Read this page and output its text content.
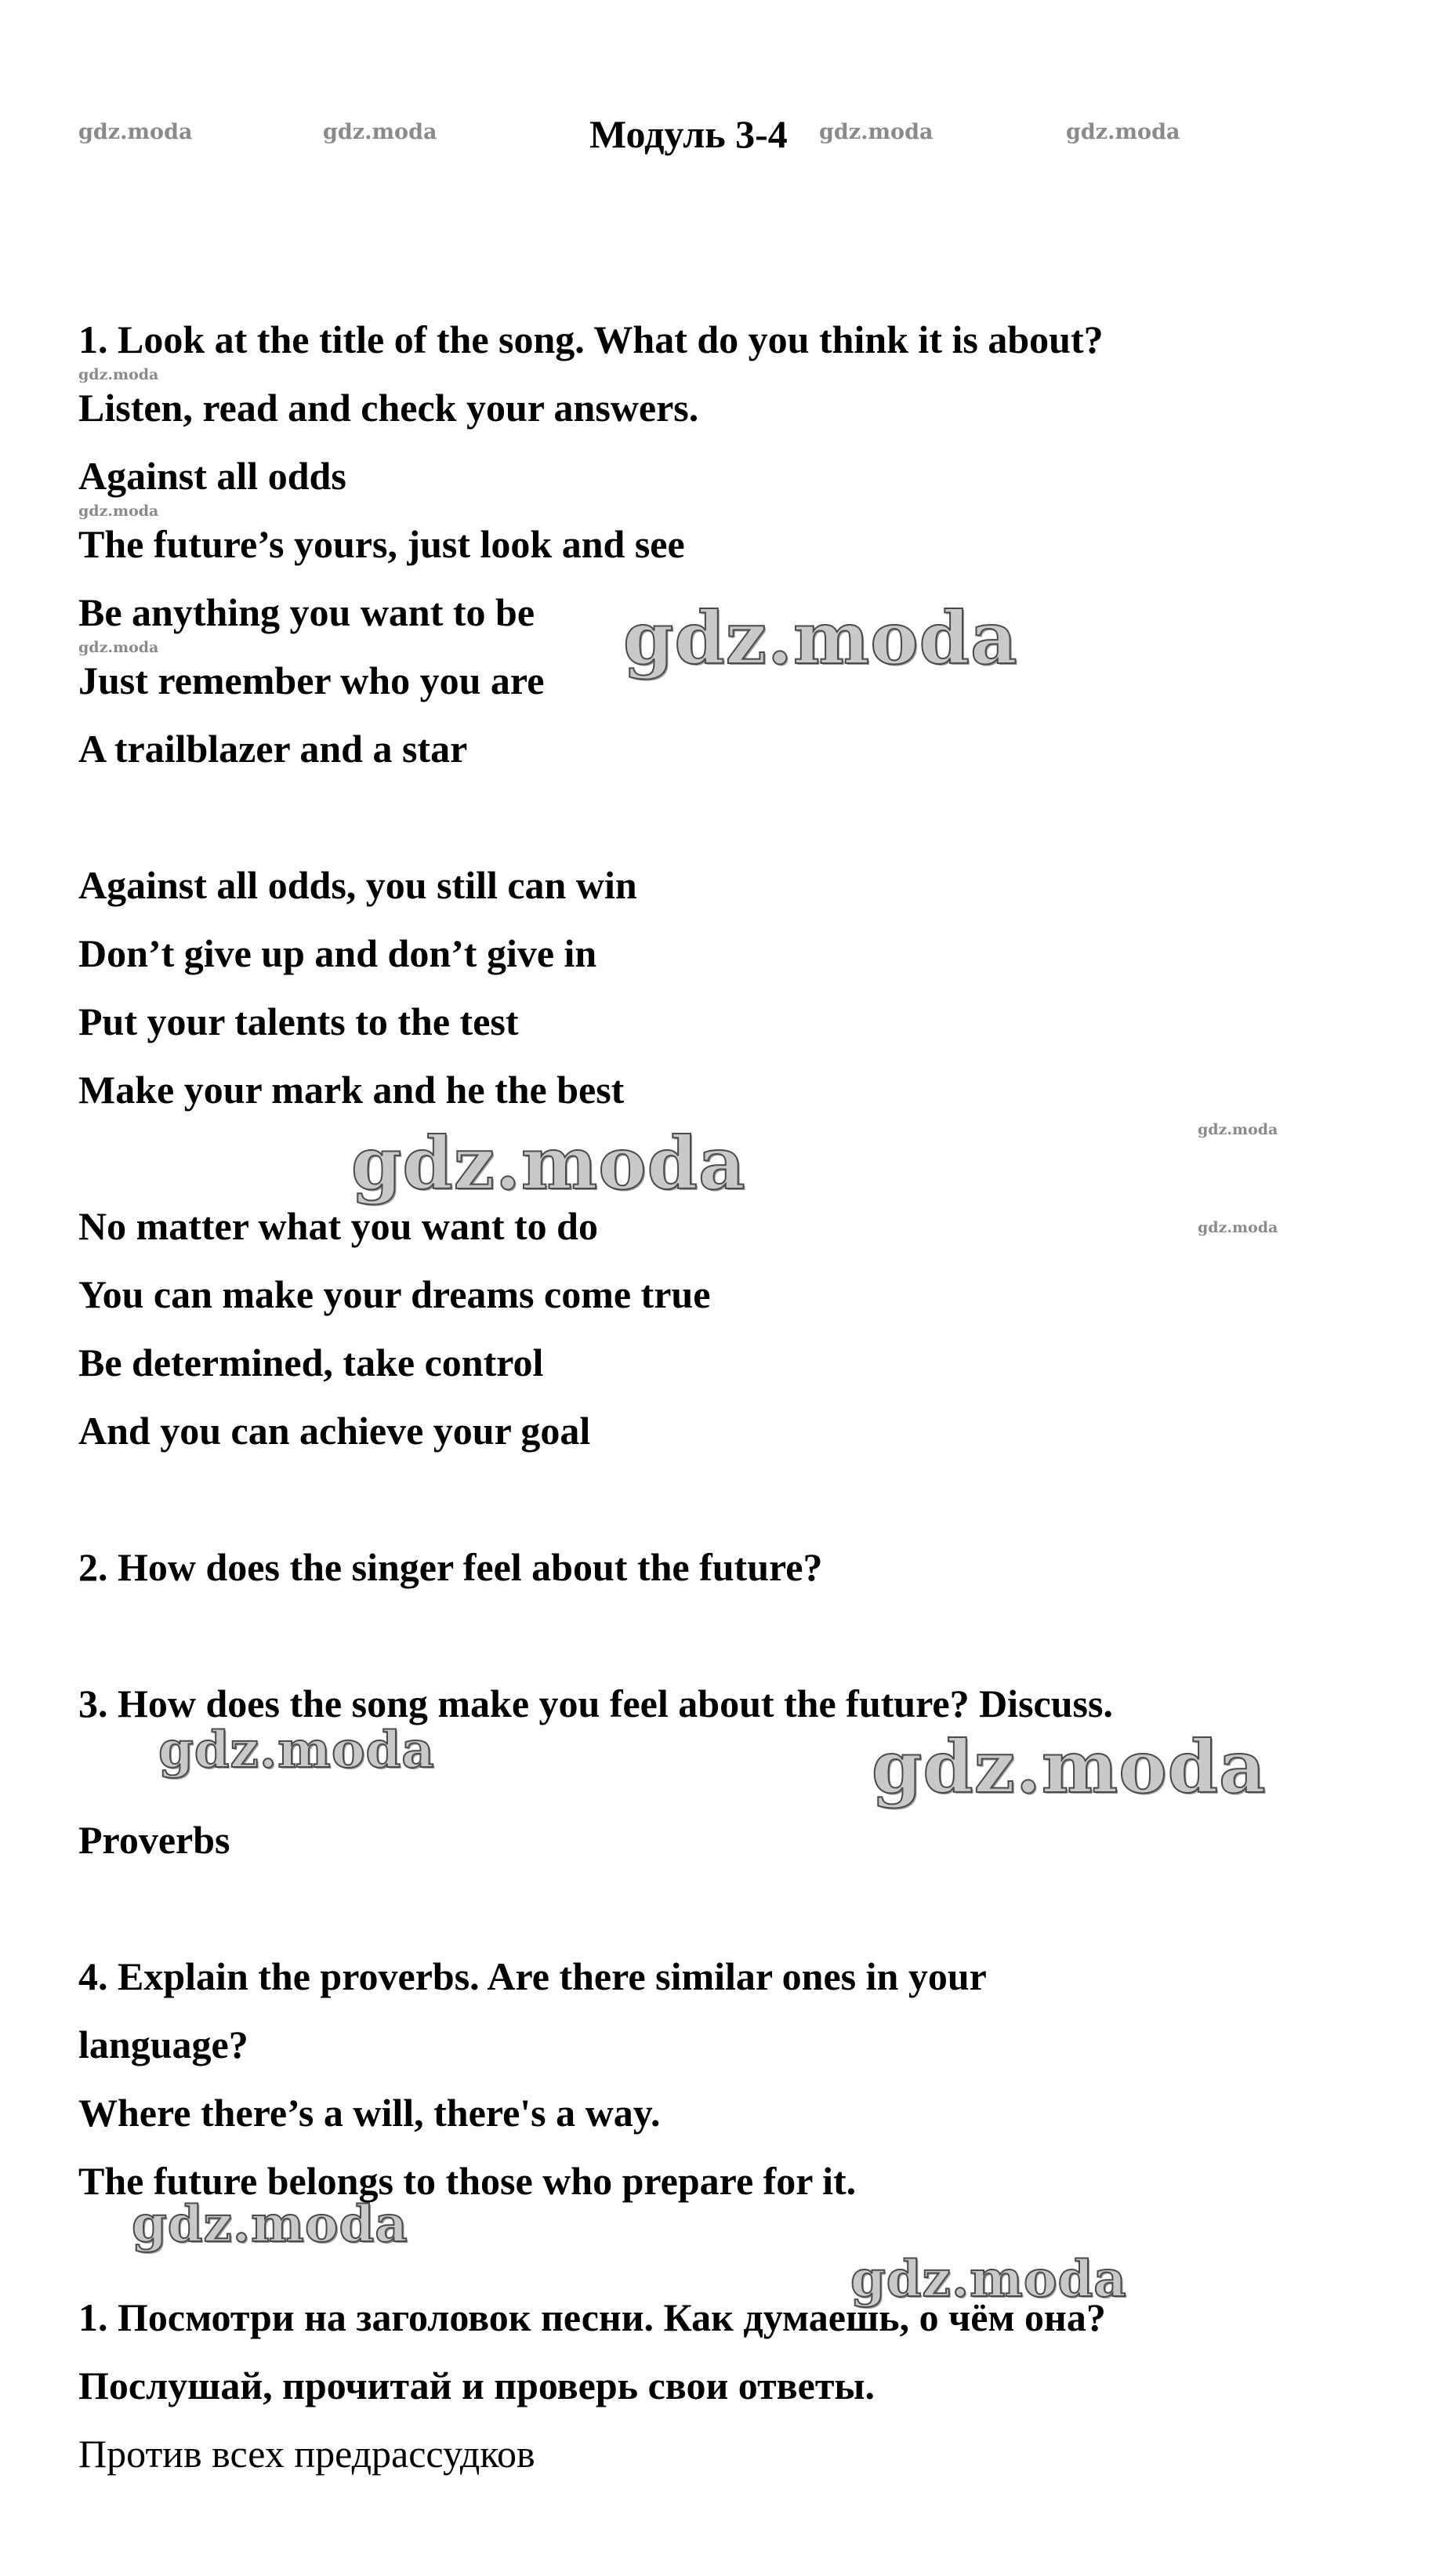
gdz.moda	gdz.moda	Модуль 3-4 gdz.moda	gdz.moda
1. Look at the title of the song. What do you think it is about?
gdz.moda
Listen, read and check your answers.
Against all odds
gdz.moda
The future’s yours, just look and see
Be anything you want to be
gdz.moda
Just remember who you are
A trailblazer and a star
gdz.moda
Against all odds, you still can win
Don’t give up and don’t give in
Put your talents to the test
Make your mark and he the best
gdz.moda
gdz.moda
gdz.moda
No matter what you want to do
You can make your dreams come true
Be determined, take control
And you can achieve your goal
2. How does the singer feel about the future?
3. How does the song make you feel about the future? Discuss.
gdz.moda	gdz.moda
Proverbs
4. Explain the proverbs. Are there similar ones in your
language?
Where there’s a will, there's a way.
The future belongs to those who prepare for it.
gdz.moda
gdz.moda
1. Посмотри на заголовок песни. Как думаешь, о чём она?
Послушай, прочитай и проверь свои ответы.
Против всех предрассудков
